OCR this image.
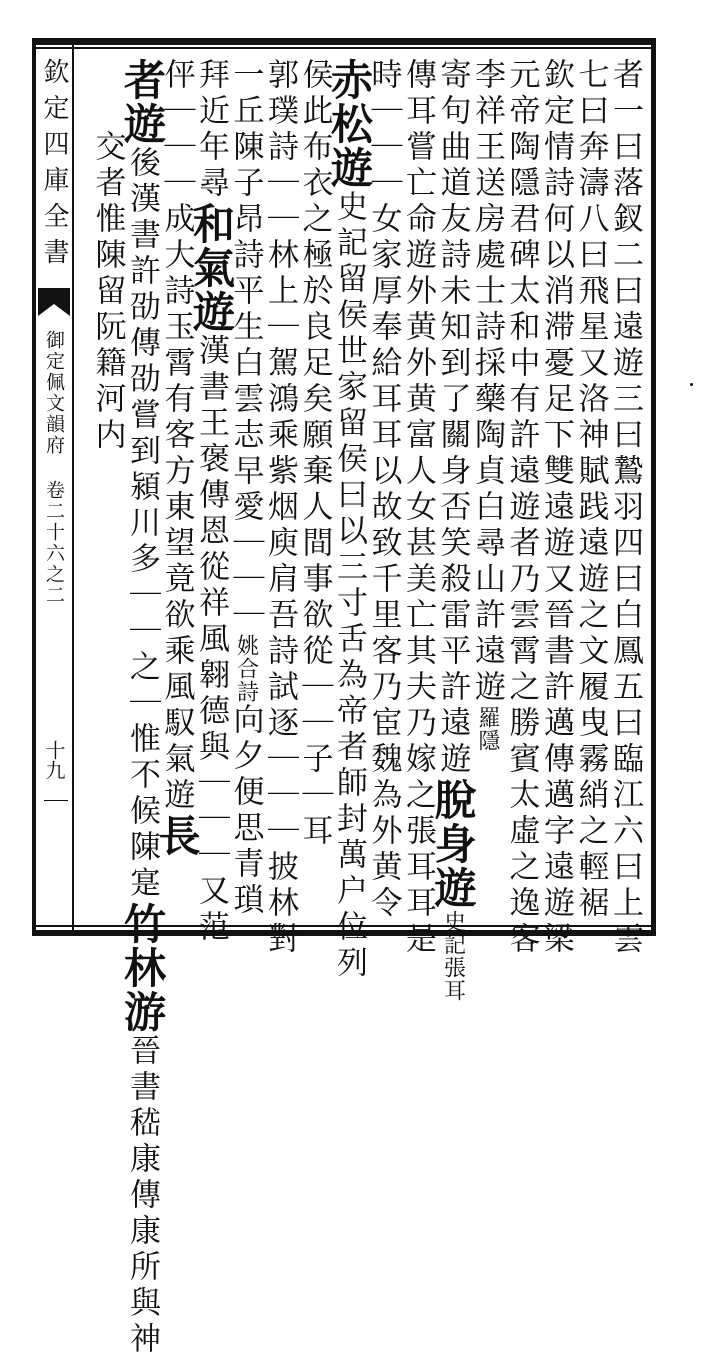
欽定四庫全書
御定佩文韻府 卷二十六之二
十九	者一曰落釵二曰遠遊三曰鷙羽四曰白鳳五曰臨江六曰上雲
七曰奔濤八曰飛星又洛神賦践遠遊之文履曳霧綃之輕裾
欽定情詩何以消滞憂足下雙遠遊又晉書許邁傳邁字遠遊梁
元帝陶隱君碑太和中有許遠遊者乃雲霄之勝賓太虛之逸客
李祥王送房處士詩採藥陶貞白尋山許遠遊羅隱
寄句曲道友詩未知到了關身否笑殺雷平許遠遊脫身遊史記張耳
傳耳嘗亡命遊外黄外黄富人女甚美亡其夫乃嫁之張耳耳是
時｜｜｜女家厚奉給耳耳以故致千里客乃宦魏為外黄令
赤松遊史記留侯世家留侯曰以三寸舌為帝者師封萬户位列
侯此布衣之極於良足矣願棄人間事欲從｜｜子｜耳
郭璞詩｜｜林上｜駕鴻乘紫烟庾肩吾詩試逐｜｜｜披林對
一丘陳子昂詩平生白雲志早愛｜｜｜姚合詩向夕便思青瑣
拜近年尋和氣遊漢書王褒傳恩從祥風翱德與｜｜｜又范
伻｜｜｜成大詩玉霄有客方東望竟欲乘風馭氣遊長
者遊後漢書許劭傳劭嘗到潁川多｜｜之｜惟不候陳寔竹林游晉書嵇康傳康所與神
　　交者惟陳留阮籍河内
